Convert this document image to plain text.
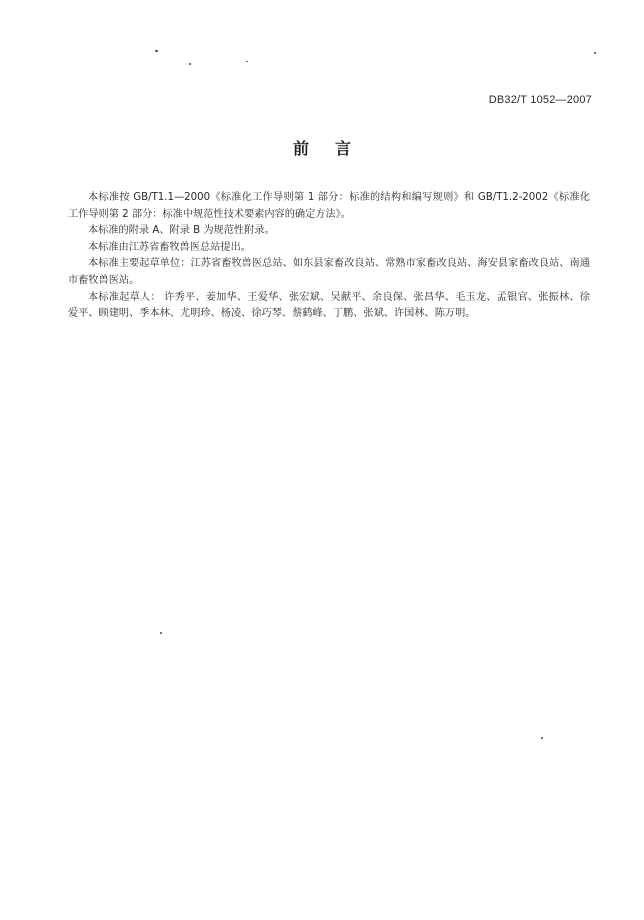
DB32/T 1052—2007
前言

本标准按 GB/T1.1—2000《标准化工作导则第 1 部分：标准的结构和编写规则》和 GB/T1.2-2002《标准化工作导则第 2 部分：标准中规范性技术要素内容的确定方法》。

本标准的附录 A、附录 B 为规范性附录。

本标准由江苏省畜牧兽医总站提出。

本标准主要起草单位：江苏省畜牧兽医总站、如东县家畜改良站、常熟市家畜改良站、海安县家畜改良站、南通市畜牧兽医站。

本标准起草人： 许秀平、姜加华、王爱华、张宏斌、吴献平、余良保、张昌华、毛玉龙、孟银官、张振林、徐爱平、顾建明、季本林、尤明珍、杨凌、徐巧琴、蔡鹤峰、丁鹏、张斌、许国林、陈万明。
